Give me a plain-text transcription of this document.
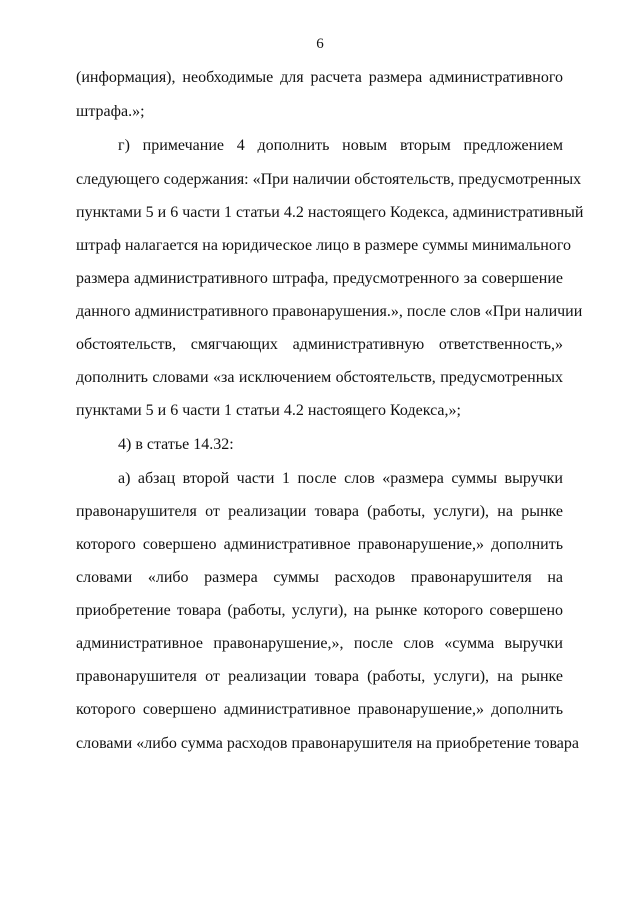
6
(информация), необходимые для расчета размера административного
штрафа.»;
г) примечание 4 дополнить новым вторым предложением
следующего содержания: «При наличии обстоятельств, предусмотренных
пунктами 5 и 6 части 1 статьи 4.2 настоящего Кодекса, административный
штраф налагается на юридическое лицо в размере суммы минимального
размера административного штрафа, предусмотренного за совершение
данного административного правонарушения.», после слов «При наличии
обстоятельств, смягчающих административную ответственность,»
дополнить словами «за исключением обстоятельств, предусмотренных
пунктами 5 и 6 части 1 статьи 4.2 настоящего Кодекса,»;
4) в статье 14.32:
а) абзац второй части 1 после слов «размера суммы выручки
правонарушителя от реализации товара (работы, услуги), на рынке
которого совершено административное правонарушение,» дополнить
словами «либо размера суммы расходов правонарушителя на
приобретение товара (работы, услуги), на рынке которого совершено
административное правонарушение,», после слов «сумма выручки
правонарушителя от реализации товара (работы, услуги), на рынке
которого совершено административное правонарушение,» дополнить
словами «либо сумма расходов правонарушителя на приобретение товара
